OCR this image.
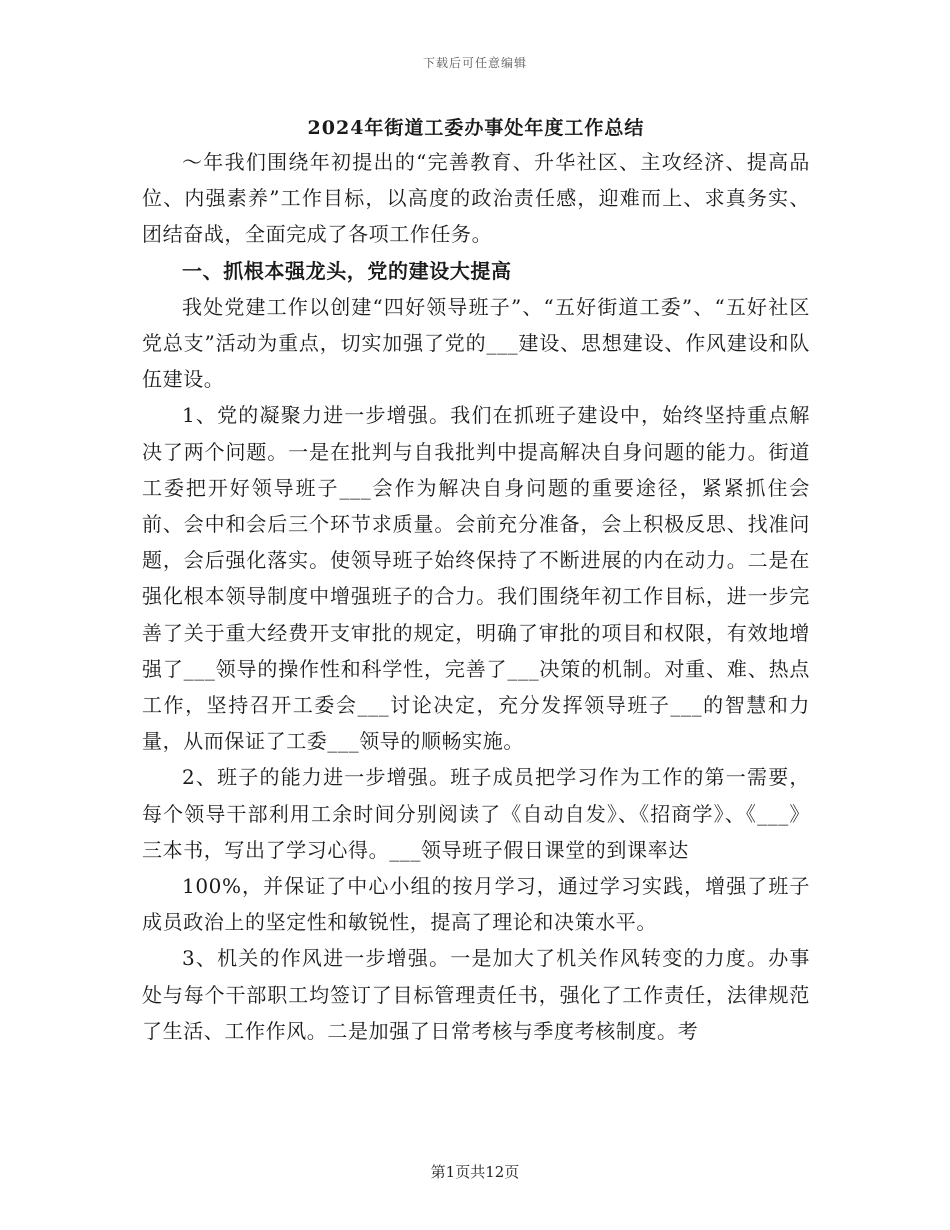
下载后可任意编辑
2024年街道工委办事处年度工作总结

～年我们围绕年初提出的“完善教育、升华社区、主攻经济、提高品位、内强素养”工作目标，以高度的政治责任感，迎难而上、求真务实、团结奋战，全面完成了各项工作任务。

一、抓根本强龙头，党的建设大提高

我处党建工作以创建“四好领导班子”、“五好街道工委”、“五好社区党总支”活动为重点，切实加强了党的___建设、思想建设、作风建设和队伍建设。

1、党的凝聚力进一步增强。我们在抓班子建设中，始终坚持重点解决了两个问题。一是在批判与自我批判中提高解决自身问题的能力。街道工委把开好领导班子___会作为解决自身问题的重要途径，紧紧抓住会前、会中和会后三个环节求质量。会前充分准备，会上积极反思、找准问题，会后强化落实。使领导班子始终保持了不断进展的内在动力。二是在强化根本领导制度中增强班子的合力。我们围绕年初工作目标，进一步完善了关于重大经费开支审批的规定，明确了审批的项目和权限，有效地增强了___领导的操作性和科学性，完善了___决策的机制。对重、难、热点工作，坚持召开工委会___讨论决定，充分发挥领导班子___的智慧和力量，从而保证了工委___领导的顺畅实施。

2、班子的能力进一步增强。班子成员把学习作为工作的第一需要，每个领导干部利用工余时间分别阅读了《自动自发》、《招商学》、《___》三本书，写出了学习心得。___领导班子假日课堂的到课率达

100%，并保证了中心小组的按月学习，通过学习实践，增强了班子成员政治上的坚定性和敏锐性，提高了理论和决策水平。

3、机关的作风进一步增强。一是加大了机关作风转变的力度。办事处与每个干部职工均签订了目标管理责任书，强化了工作责任，法律规范了生活、工作作风。二是加强了日常考核与季度考核制度。考

第1页共12页
